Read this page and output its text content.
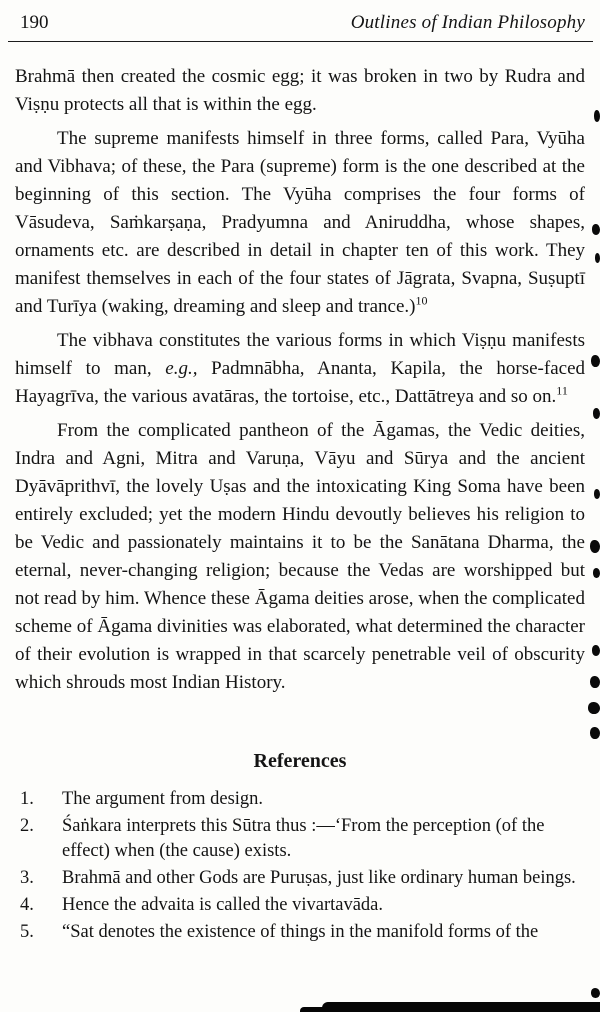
190	Outlines of Indian Philosophy

Brahmā then created the cosmic egg; it was broken in two by Rudra and Viṣṇu protects all that is within the egg.

The supreme manifests himself in three forms, called Para, Vyūha and Vibhava; of these, the Para (supreme) form is the one described at the beginning of this section. The Vyūha comprises the four forms of Vāsudeva, Saṁkarṣaṇa, Pradyumna and Aniruddha, whose shapes, ornaments etc. are described in detail in chapter ten of this work. They manifest themselves in each of the four states of Jāgrata, Svapna, Suṣuptī and Turīya (waking, dreaming and sleep and trance.)$^{10}$

The vibhava constitutes the various forms in which Viṣṇu manifests himself to man, e.g., Padmnābha, Ananta, Kapila, the horse-faced Hayagrīva, the various avatāras, the tortoise, etc., Dattātreya and so on.$^{11}$

From the complicated pantheon of the Āgamas, the Vedic deities, Indra and Agni, Mitra and Varuṇa, Vāyu and Sūrya and the ancient Dyāvāprithvī, the lovely Uṣas and the intoxicating King Soma have been entirely excluded; yet the modern Hindu devoutly believes his religion to be Vedic and passionately maintains it to be the Sanātana Dharma, the eternal, never-changing religion; because the Vedas are worshipped but not read by him. Whence these Āgama deities arose, when the complicated scheme of Āgama divinities was elaborated, what determined the character of their evolution is wrapped in that scarcely penetrable veil of obscurity which shrouds most Indian History.

References
1.	The argument from design.
2.	Śaṅkara interprets this Sūtra thus :—‘From the perception (of the effect) when (the cause) exists.
3.	Brahmā and other Gods are Puruṣas, just like ordinary human beings.
4.	Hence the advaita is called the vivartavāda.
5.	“Sat denotes the existence of things in the manifold forms of the
